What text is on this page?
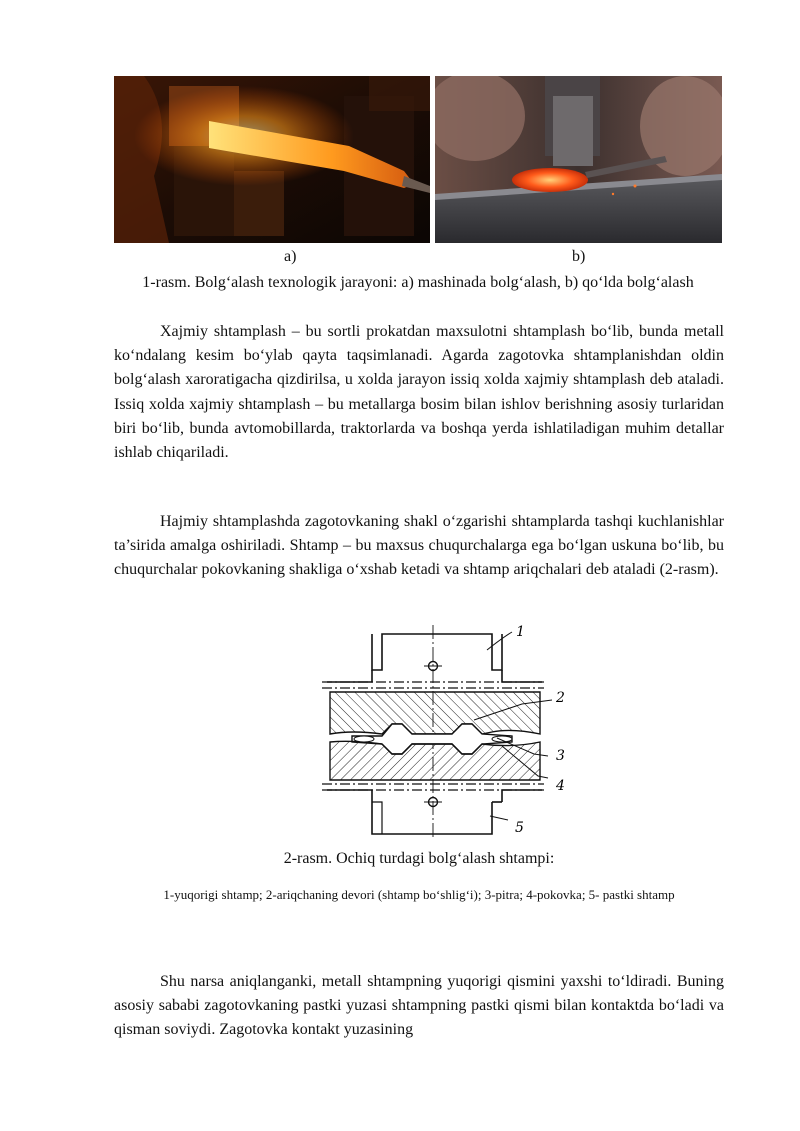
a)	b)
1-rasm. Bolg‘alash texnologik jarayoni: a) mashinada bolg‘alash, b) qo‘lda bolg‘alash

Xajmiy shtamplash – bu sortli prokatdan maxsulotni shtamplash bo‘lib, bunda metall ko‘ndalang kesim bo‘ylab qayta taqsimlanadi. Agarda zagotovka shtamplanishdan oldin bolg‘alash xaroratigacha qizdirilsa, u xolda jarayon issiq xolda xajmiy shtamplash deb ataladi. Issiq xolda xajmiy shtamplash – bu metallarga bosim bilan ishlov berishning asosiy turlaridan biri bo‘lib, bunda avtomobillarda, traktorlarda va boshqa yerda ishlatiladigan muhim detallar ishlab chiqariladi.

Hajmiy shtamplashda zagotovkaning shakl o‘zgarishi shtamplarda tashqi kuchlanishlar ta’sirida amalga oshiriladi. Shtamp – bu maxsus chuqurchalarga ega bo‘lgan uskuna bo‘lib, bu chuqurchalar pokovkaning shakliga o‘xshab ketadi va shtamp ariqchalari deb ataladi (2-rasm).

1
2
3
4
5
2-rasm. Ochiq turdagi bolg‘alash shtampi:
1-yuqorigi shtamp; 2-ariqchaning devori (shtamp bo‘shlig‘i); 3-pitra; 4-pokovka; 5- pastki shtamp

Shu narsa aniqlanganki, metall shtampning yuqorigi qismini yaxshi to‘ldiradi. Buning asosiy sababi zagotovkaning pastki yuzasi shtampning pastki qismi bilan kontaktda bo‘ladi va qisman soviydi. Zagotovka kontakt yuzasining
